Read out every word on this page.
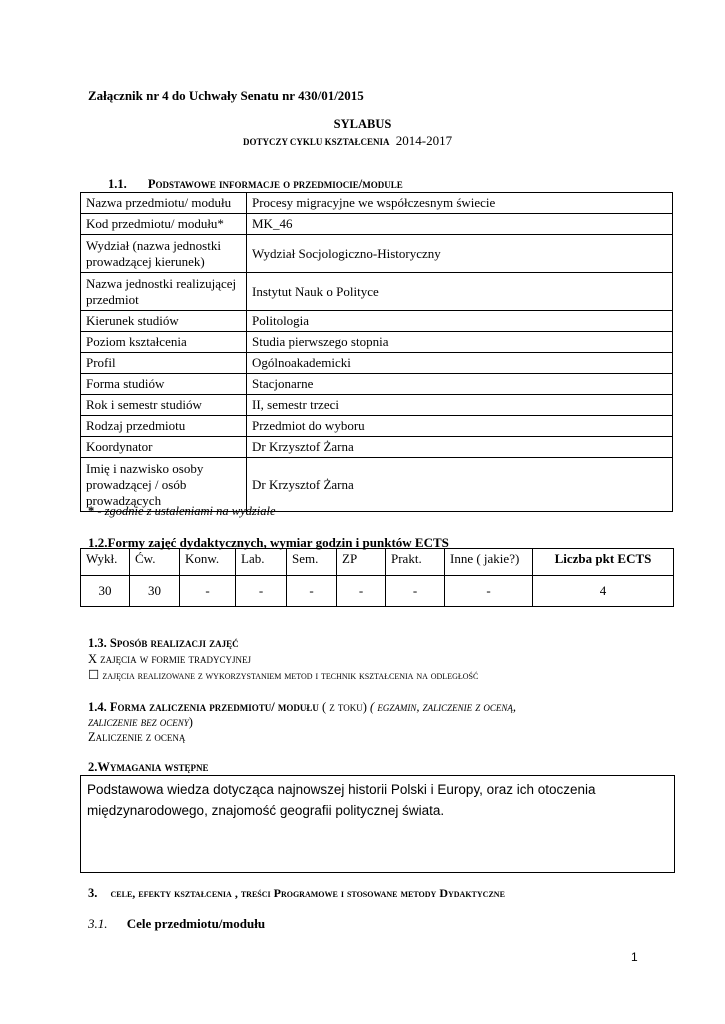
Załącznik nr 4 do Uchwały Senatu nr 430/01/2015
SYLABUS
DOTYCZY CYKLU KSZTAŁCENIA 2014-2017
1.1. Podstawowe informacje o przedmiocie/module
Nazwa przedmiotu/ modułu	Procesy migracyjne we współczesnym świecie
Kod przedmiotu/ modułu*	MK_46
Wydział (nazwa jednostki prowadzącej kierunek)	Wydział Socjologiczno-Historyczny
Nazwa jednostki realizującej przedmiot	Instytut Nauk o Polityce
Kierunek studiów	Politologia
Poziom kształcenia	Studia pierwszego stopnia
Profil	Ogólnoakademicki
Forma studiów	Stacjonarne
Rok i semestr studiów	II, semestr trzeci
Rodzaj przedmiotu	Przedmiot do wyboru
Koordynator	Dr Krzysztof Żarna
Imię i nazwisko osoby prowadzącej / osób prowadzących	Dr Krzysztof Żarna
* - zgodnie z ustaleniami na wydziale
1.2.Formy zajęć dydaktycznych, wymiar godzin i punktów ECTS
Wykł.	Ćw.	Konw.	Lab.	Sem.	ZP	Prakt.	Inne ( jakie?)	Liczba pkt ECTS
30	30	-	-	-	-	-	-	4
1.3. Sposób realizacji zajęć
X zajęcia w formie tradycyjnej
☐ zajęcia realizowane z wykorzystaniem metod i technik kształcenia na odległość
1.4. Forma zaliczenia przedmiotu/ modułu ( z toku) ( egzamin, zaliczenie z oceną,
zaliczenie bez oceny)
Zaliczenie z oceną
2.Wymagania wstępne
Podstawowa wiedza dotycząca najnowszej historii Polski i Europy, oraz ich otoczenia międzynarodowego, znajomość geografii politycznej świata.
3. cele, efekty kształcenia , treści Programowe i stosowane metody Dydaktyczne
3.1. Cele przedmiotu/modułu
1
